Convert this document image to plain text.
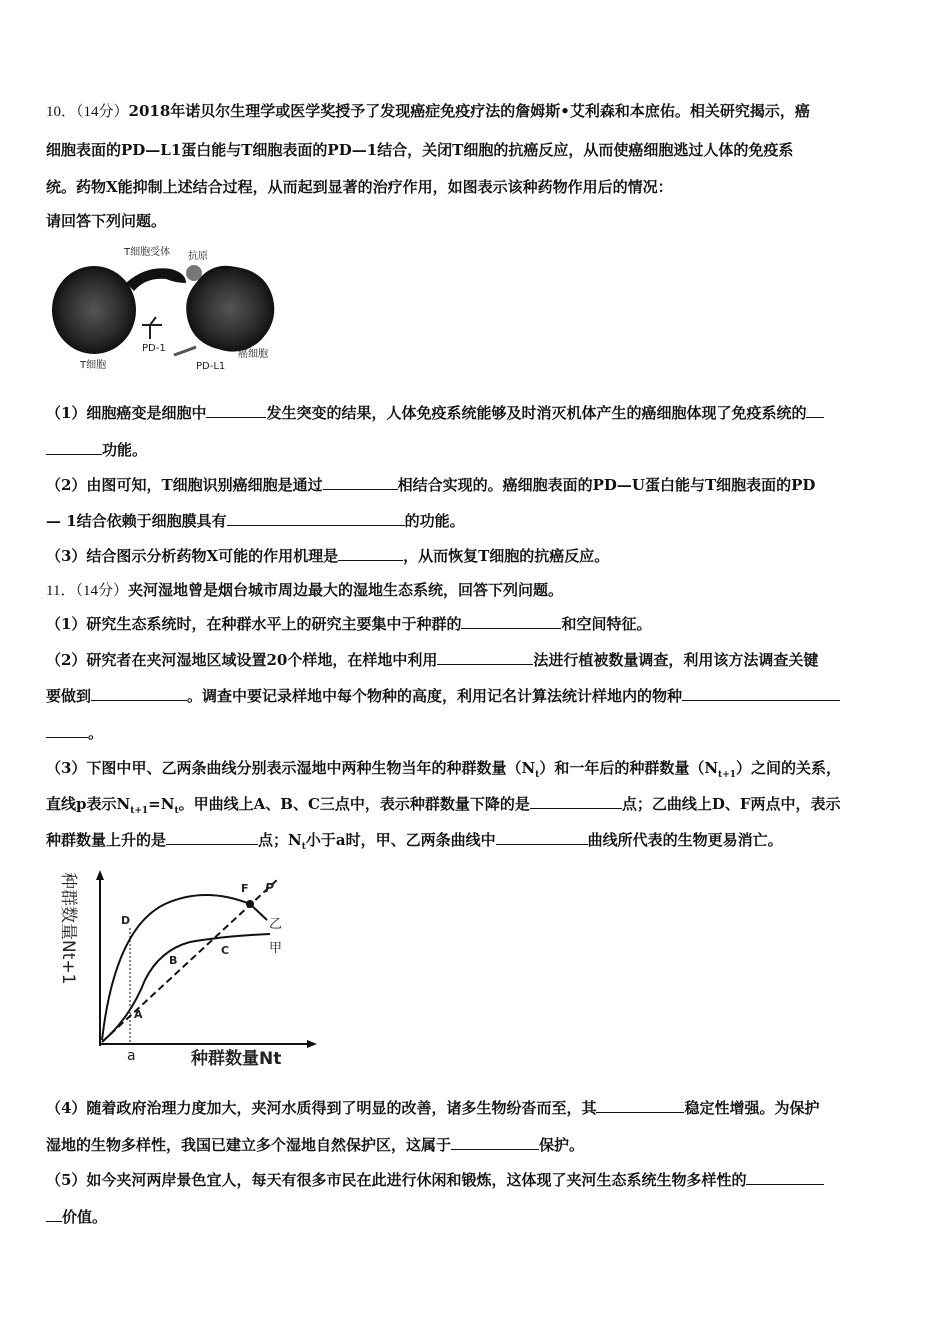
10．（14分）2018年诺贝尔生理学或医学奖授予了发现癌症免疫疗法的詹姆斯•艾利森和本庶佑。相关研究揭示，癌
细胞表面的PD—L1蛋白能与T细胞表面的PD—1结合，关闭T细胞的抗癌反应，从而使癌细胞逃过人体的免疫系
统。药物X能抑制上述结合过程，从而起到显著的治疗作用，如图表示该种药物作用后的情况：
请回答下列问题。
T细胞受体 抗原
T细胞
PD-1
PD-L1
癌细胞
（1）细胞癌变是细胞中	发生突变的结果，人体免疫系统能够及时消灭机体产生的癌细胞体现了免疫系统的
功能。
（2）由图可知，T细胞识别癌细胞是通过	相结合实现的。癌细胞表面的PD—U蛋白能与T细胞表面的PD
— 1结合依赖于细胞膜具有	的功能。
（3）结合图示分析药物X可能的作用机理是	，从而恢复T细胞的抗癌反应。
11．（14分）夹河湿地曾是烟台城市周边最大的湿地生态系统，回答下列问题。
（1）研究生态系统时，在种群水平上的研究主要集中于种群的	和空间特征。
（2）研究者在夹河湿地区域设置20个样地，在样地中利用	法进行植被数量调查，利用该方法调查关键
要做到	。调查中要记录样地中每个物种的高度，利用记名计算法统计样地内的物种
。
（3）下图中甲、乙两条曲线分别表示湿地中两种生物当年的种群数量$(N_t)$和一年后的种群数量$(N_{t+1})$之间的关系，
直线p表示$N_{t+1}=N_t$。甲曲线上A、B、C三点中，表示种群数量下降的是	点；乙曲线上D、F两点中，表示
种群数量上升的是	点；$N_t$小于a时，甲、乙两条曲线中	曲线所代表的生物更易消亡。
种群数量Nt+1
种群数量Nt
a
A
B
C
D
F P
乙
甲
（4）随着政府治理力度加大，夹河水质得到了明显的改善，诸多生物纷沓而至，其	稳定性增强。为保护
湿地的生物多样性，我国已建立多个湿地自然保护区，这属于	保护。
（5）如今夹河两岸景色宜人，每天有很多市民在此进行休闲和锻炼，这体现了夹河生态系统生物多样性的
价值。
